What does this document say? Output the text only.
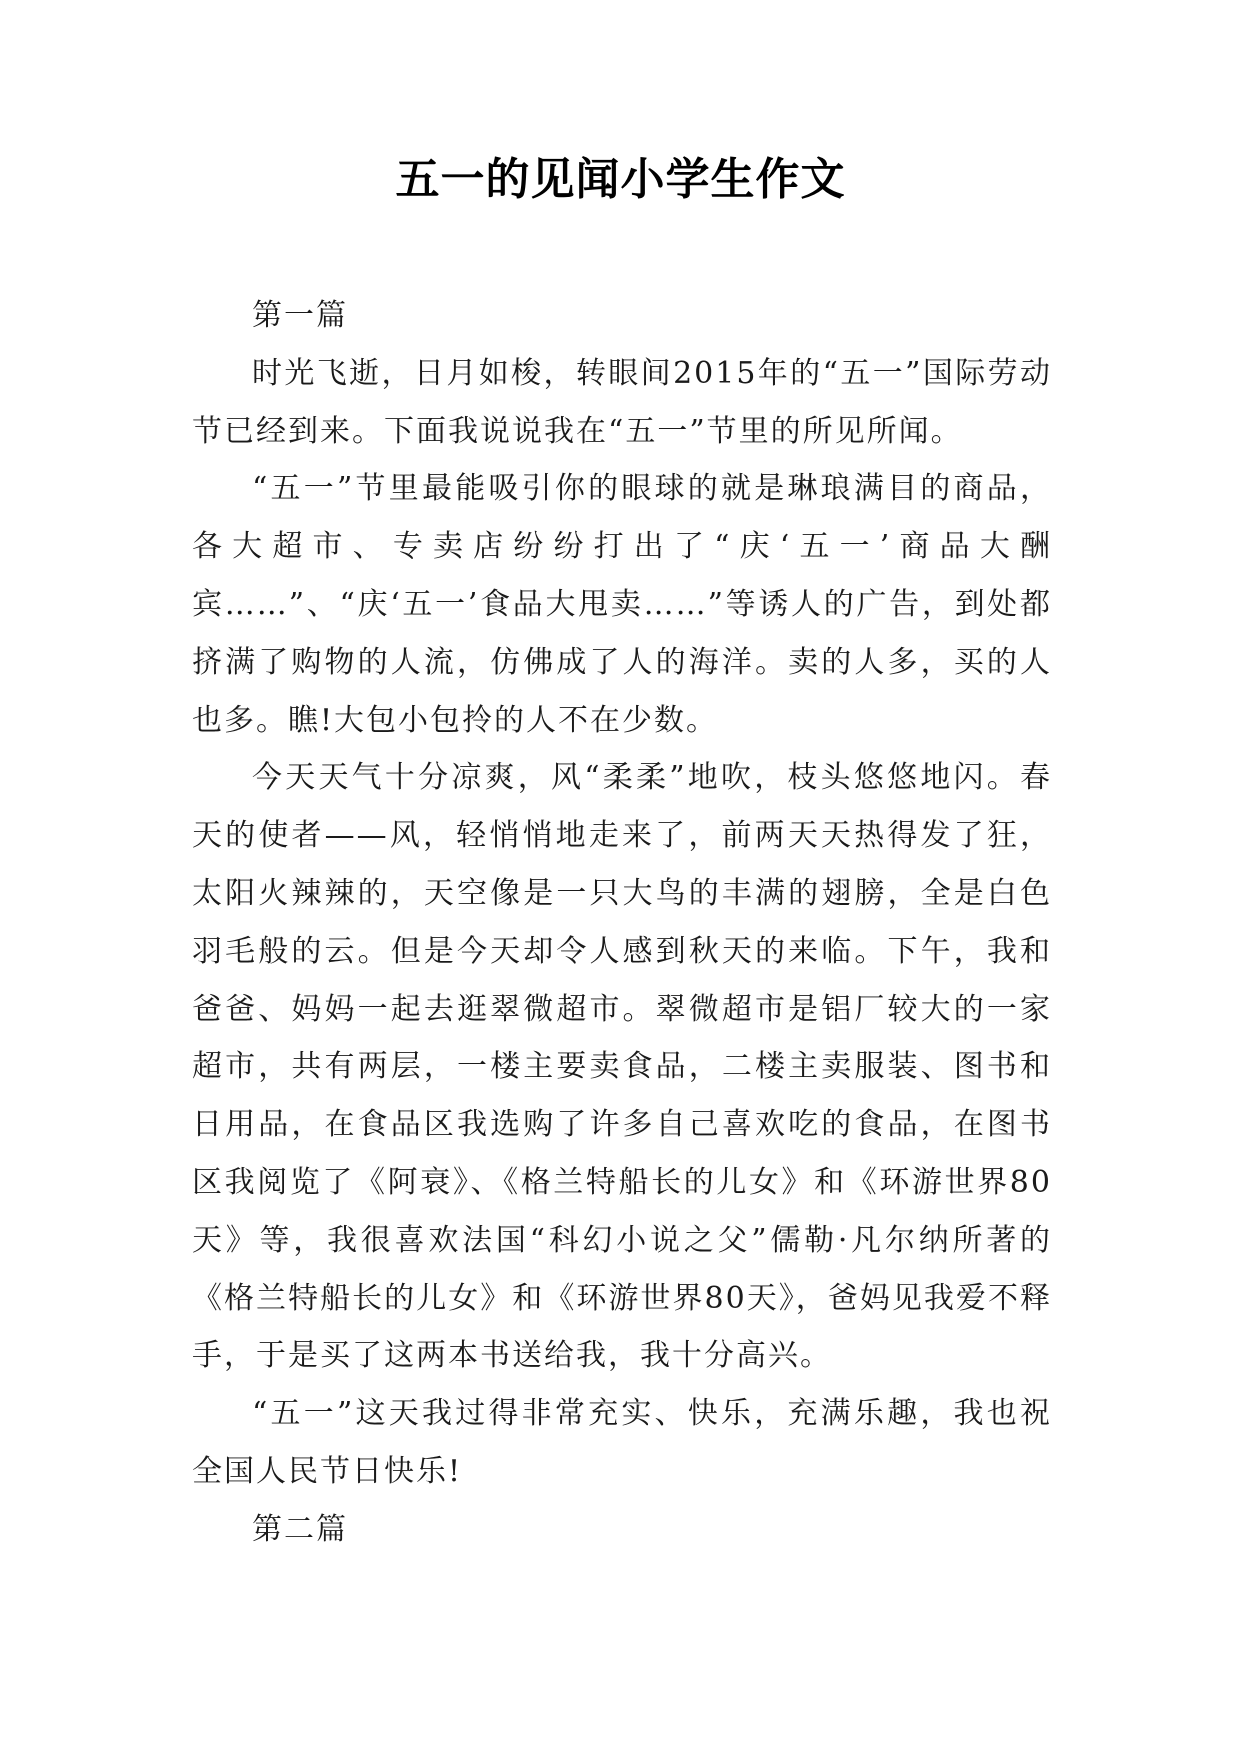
五一的见闻小学生作文

第一篇

时光飞逝，日月如梭，转眼间2015年的“五一”国际劳动节已经到来。下面我说说我在“五一”节里的所见所闻。

“五一”节里最能吸引你的眼球的就是琳琅满目的商品，各大超市、专卖店纷纷打出了“庆‘五一’商品大酬宾……”、“庆‘五一’食品大甩卖……”等诱人的广告，到处都挤满了购物的人流，仿佛成了人的海洋。卖的人多，买的人也多。瞧!大包小包拎的人不在少数。

今天天气十分凉爽，风“柔柔”地吹，枝头悠悠地闪。春天的使者——风，轻悄悄地走来了，前两天天热得发了狂，太阳火辣辣的，天空像是一只大鸟的丰满的翅膀，全是白色羽毛般的云。但是今天却令人感到秋天的来临。下午，我和爸爸、妈妈一起去逛翠微超市。翠微超市是铝厂较大的一家超市，共有两层，一楼主要卖食品，二楼主卖服装、图书和日用品，在食品区我选购了许多自己喜欢吃的食品，在图书区我阅览了《阿衰》、《格兰特船长的儿女》和《环游世界80天》等，我很喜欢法国“科幻小说之父”儒勒·凡尔纳所著的《格兰特船长的儿女》和《环游世界80天》，爸妈见我爱不释手，于是买了这两本书送给我，我十分高兴。

“五一”这天我过得非常充实、快乐，充满乐趣，我也祝全国人民节日快乐!

第二篇
